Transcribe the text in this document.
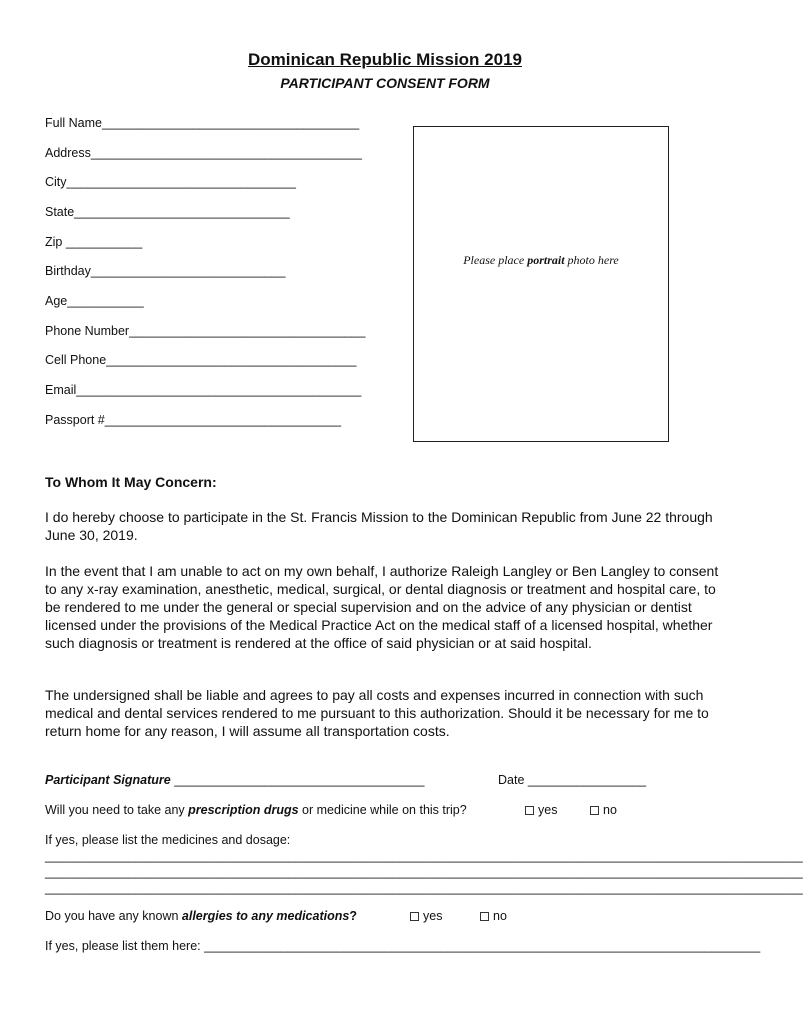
Dominican Republic Mission 2019
PARTICIPANT CONSENT FORM
Full Name_____________________________________
Address_______________________________________
City_________________________________
State_______________________________
Zip ___________
Birthday____________________________
Age___________
Phone Number__________________________________
Cell Phone____________________________________
Email_________________________________________
Passport #__________________________________
Please place portrait photo here
To Whom It May Concern:
I do hereby choose to participate in the St. Francis Mission to the Dominican Republic from June 22 through June 30, 2019.
In the event that I am unable to act on my own behalf, I authorize Raleigh Langley or Ben Langley to consent to any x-ray examination, anesthetic, medical, surgical, or dental diagnosis or treatment and hospital care, to be rendered to me under the general or special supervision and on the advice of any physician or dentist licensed under the provisions of the Medical Practice Act on the medical staff of a licensed hospital, whether such diagnosis or treatment is rendered at the office of said physician or at said hospital.
The undersigned shall be liable and agrees to pay all costs and expenses incurred in connection with such medical and dental services rendered to me pursuant to this authorization. Should it be necessary for me to return home for any reason, I will assume all transportation costs.
Participant Signature ____________________________________	Date _________________
Will you need to take any prescription drugs or medicine while on this trip?	yes	no
If yes, please list the medicines and dosage:
_____________________________________________________________________________________________________________
_____________________________________________________________________________________________________________
_____________________________________________________________________________________________________________
Do you have any known allergies to any medications?	yes	no
If yes, please list them here: ________________________________________________________________________________
